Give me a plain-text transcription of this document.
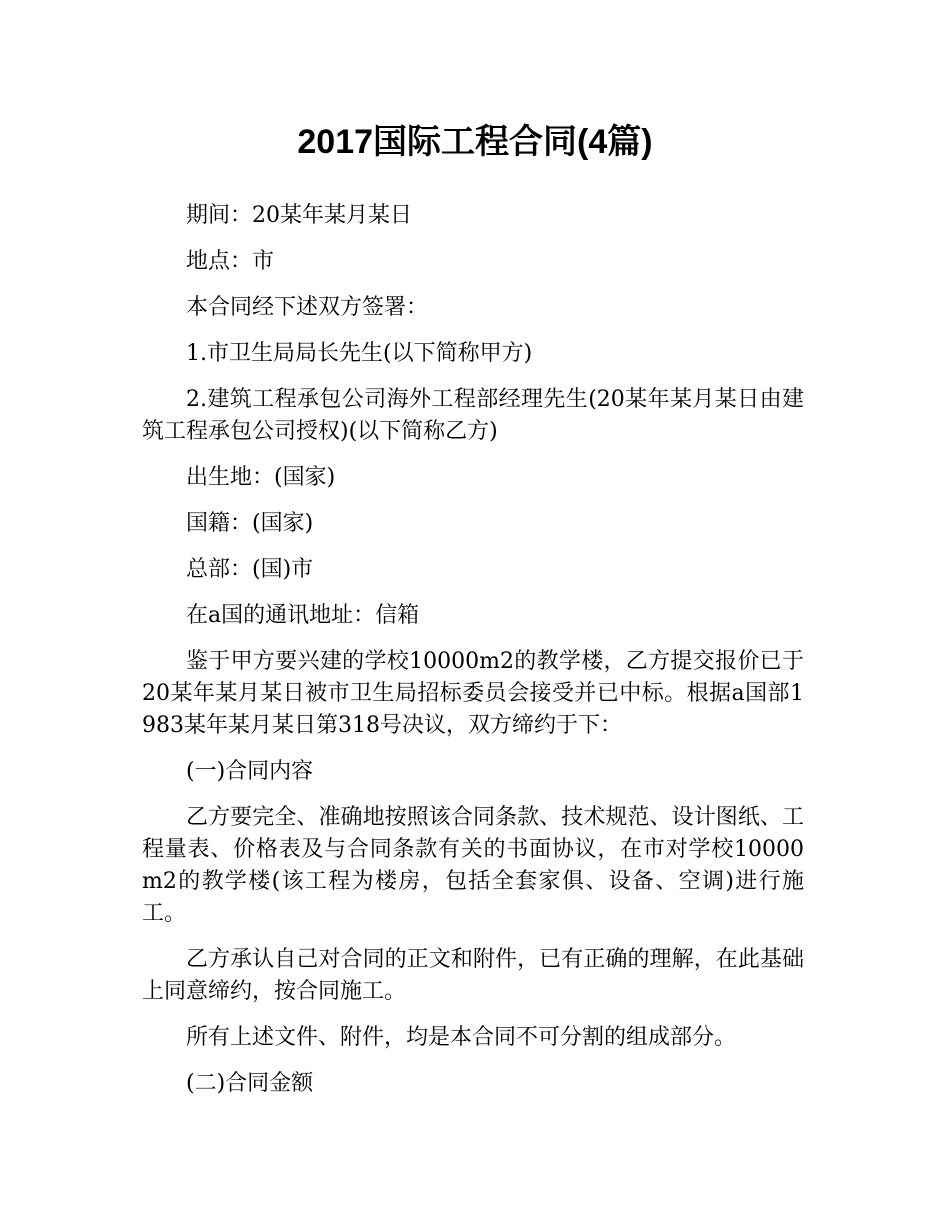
2017国际工程合同(4篇)

期间：20某年某月某日

地点：市

本合同经下述双方签署：

1.市卫生局局长先生(以下简称甲方)

2.建筑工程承包公司海外工程部经理先生(20某年某月某日由建筑工程承包公司授权)(以下简称乙方)

出生地：(国家)

国籍：(国家)

总部：(国)市

在a国的通讯地址：信箱

鉴于甲方要兴建的学校10000m2的教学楼，乙方提交报价已于20某年某月某日被市卫生局招标委员会接受并已中标。根据a国部1983某年某月某日第318号决议，双方缔约于下：

(一)合同内容

乙方要完全、准确地按照该合同条款、技术规范、设计图纸、工程量表、价格表及与合同条款有关的书面协议，在市对学校10000m2的教学楼(该工程为楼房，包括全套家俱、设备、空调)进行施工。

乙方承认自己对合同的正文和附件，已有正确的理解，在此基础上同意缔约，按合同施工。

所有上述文件、附件，均是本合同不可分割的组成部分。

(二)合同金额
